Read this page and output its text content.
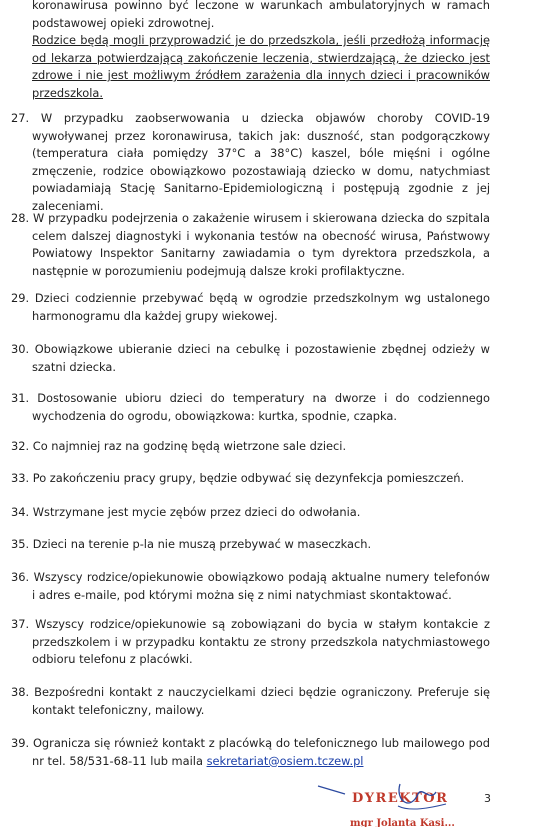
koronawirusa powinno być leczone w warunkach ambulatoryjnych w ramach podstawowej opieki zdrowotnej.
Rodzice będą mogli przyprowadzić je do przedszkola, jeśli przedłożą informację od lekarza potwierdzającą zakończenie leczenia, stwierdzającą, że dziecko jest zdrowe i nie jest możliwym źródłem zarażenia dla innych dzieci i pracowników przedszkola.
27. W przypadku zaobserwowania u dziecka objawów choroby COVID-19 wywoływanej przez koronawirusa, takich jak: duszność, stan podgorączkowy (temperatura ciała pomiędzy 37°C a 38°C) kaszel, bóle mięśni i ogólne zmęczenie, rodzice obowiązkowo pozostawiają dziecko w domu, natychmiast powiadamiają Stację Sanitarno-Epidemiologiczną i postępują zgodnie z jej zaleceniami.
28. W przypadku podejrzenia o zakażenie wirusem i skierowana dziecka do szpitala celem dalszej diagnostyki i wykonania testów na obecność wirusa, Państwowy Powiatowy Inspektor Sanitarny zawiadamia o tym dyrektora przedszkola, a następnie w porozumieniu podejmują dalsze kroki profilaktyczne.
29. Dzieci codziennie przebywać będą w ogrodzie przedszkolnym wg ustalonego harmonogramu dla każdej grupy wiekowej.
30. Obowiązkowe ubieranie dzieci na cebulkę i pozostawienie zbędnej odzieży w szatni dziecka.
31. Dostosowanie ubioru dzieci do temperatury na dworze i do codziennego wychodzenia do ogrodu, obowiązkowa: kurtka, spodnie, czapka.
32. Co najmniej raz na godzinę będą wietrzone sale dzieci.
33. Po zakończeniu pracy grupy, będzie odbywać się dezynfekcja pomieszczeń.
34. Wstrzymane jest mycie zębów przez dzieci do odwołania.
35. Dzieci na terenie p-la nie muszą przebywać w maseczkach.
36. Wszyscy rodzice/opiekunowie obowiązkowo podają aktualne numery telefonów i adres e-maile, pod którymi można się z nimi natychmiast skontaktować.
37. Wszyscy rodzice/opiekunowie są zobowiązani do bycia w stałym kontakcie z przedszkolem i w przypadku kontaktu ze strony przedszkola natychmiastowego odbioru telefonu z placówki.
38. Bezpośredni kontakt z nauczycielkami dzieci będzie ograniczony. Preferuje się kontakt telefoniczny, mailowy.
39. Ogranicza się również kontakt z placówką do telefonicznego lub mailowego pod nr tel. 58/531-68-11 lub maila sekretariat@osiem.tczew.pl
DYREKTOR
mgr Jolanta Kasi...
3
